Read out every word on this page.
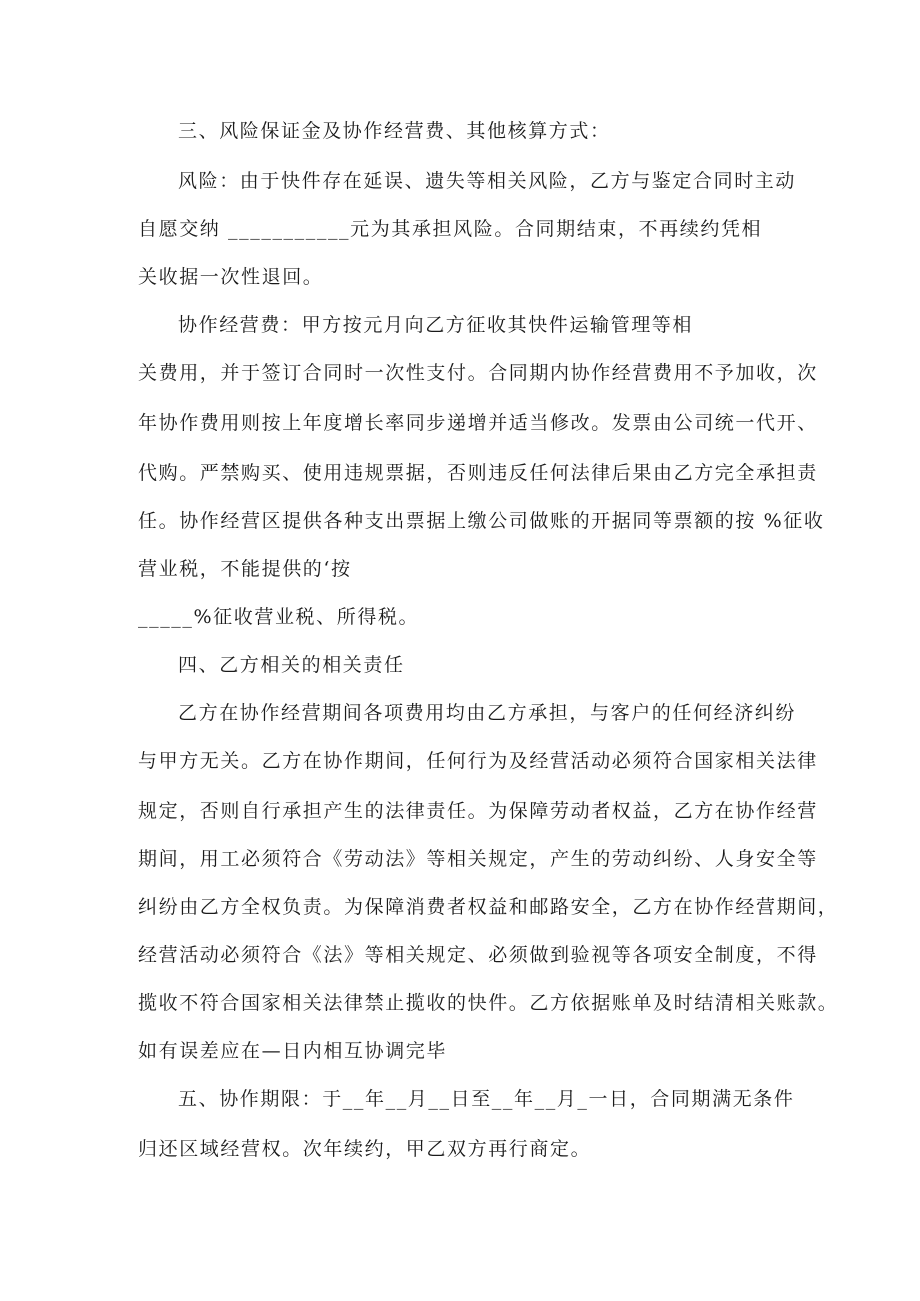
三、风险保证金及协作经营费、其他核算方式：
风险：由于快件存在延误、遗失等相关风险，乙方与鉴定合同时主动
自愿交纳 ___________元为其承担风险。合同期结束，不再续约凭相
关收据一次性退回。
协作经营费：甲方按元月向乙方征收其快件运输管理等相
关费用，并于签订合同时一次性支付。合同期内协作经营费用不予加收，次
年协作费用则按上年度增长率同步递增并适当修改。发票由公司统一代开、
代购。严禁购买、使用违规票据，否则违反任何法律后果由乙方完全承担责
任。协作经营区提供各种支出票据上缴公司做账的开据同等票额的按 %征收
营业税，不能提供的‘按
_____%征收营业税、所得税。
四、乙方相关的相关责任
乙方在协作经营期间各项费用均由乙方承担，与客户的任何经济纠纷
与甲方无关。乙方在协作期间，任何行为及经营活动必须符合国家相关法律
规定，否则自行承担产生的法律责任。为保障劳动者权益，乙方在协作经营
期间，用工必须符合《劳动法》等相关规定，产生的劳动纠纷、人身安全等
纠纷由乙方全权负责。为保障消费者权益和邮路安全，乙方在协作经营期间，
经营活动必须符合《法》等相关规定、必须做到验视等各项安全制度，不得
揽收不符合国家相关法律禁止揽收的快件。乙方依据账单及时结清相关账款。
如有误差应在—日内相互协调完毕
五、协作期限：于__年__月__日至__年__月_一日，合同期满无条件
归还区域经营权。次年续约，甲乙双方再行商定。
